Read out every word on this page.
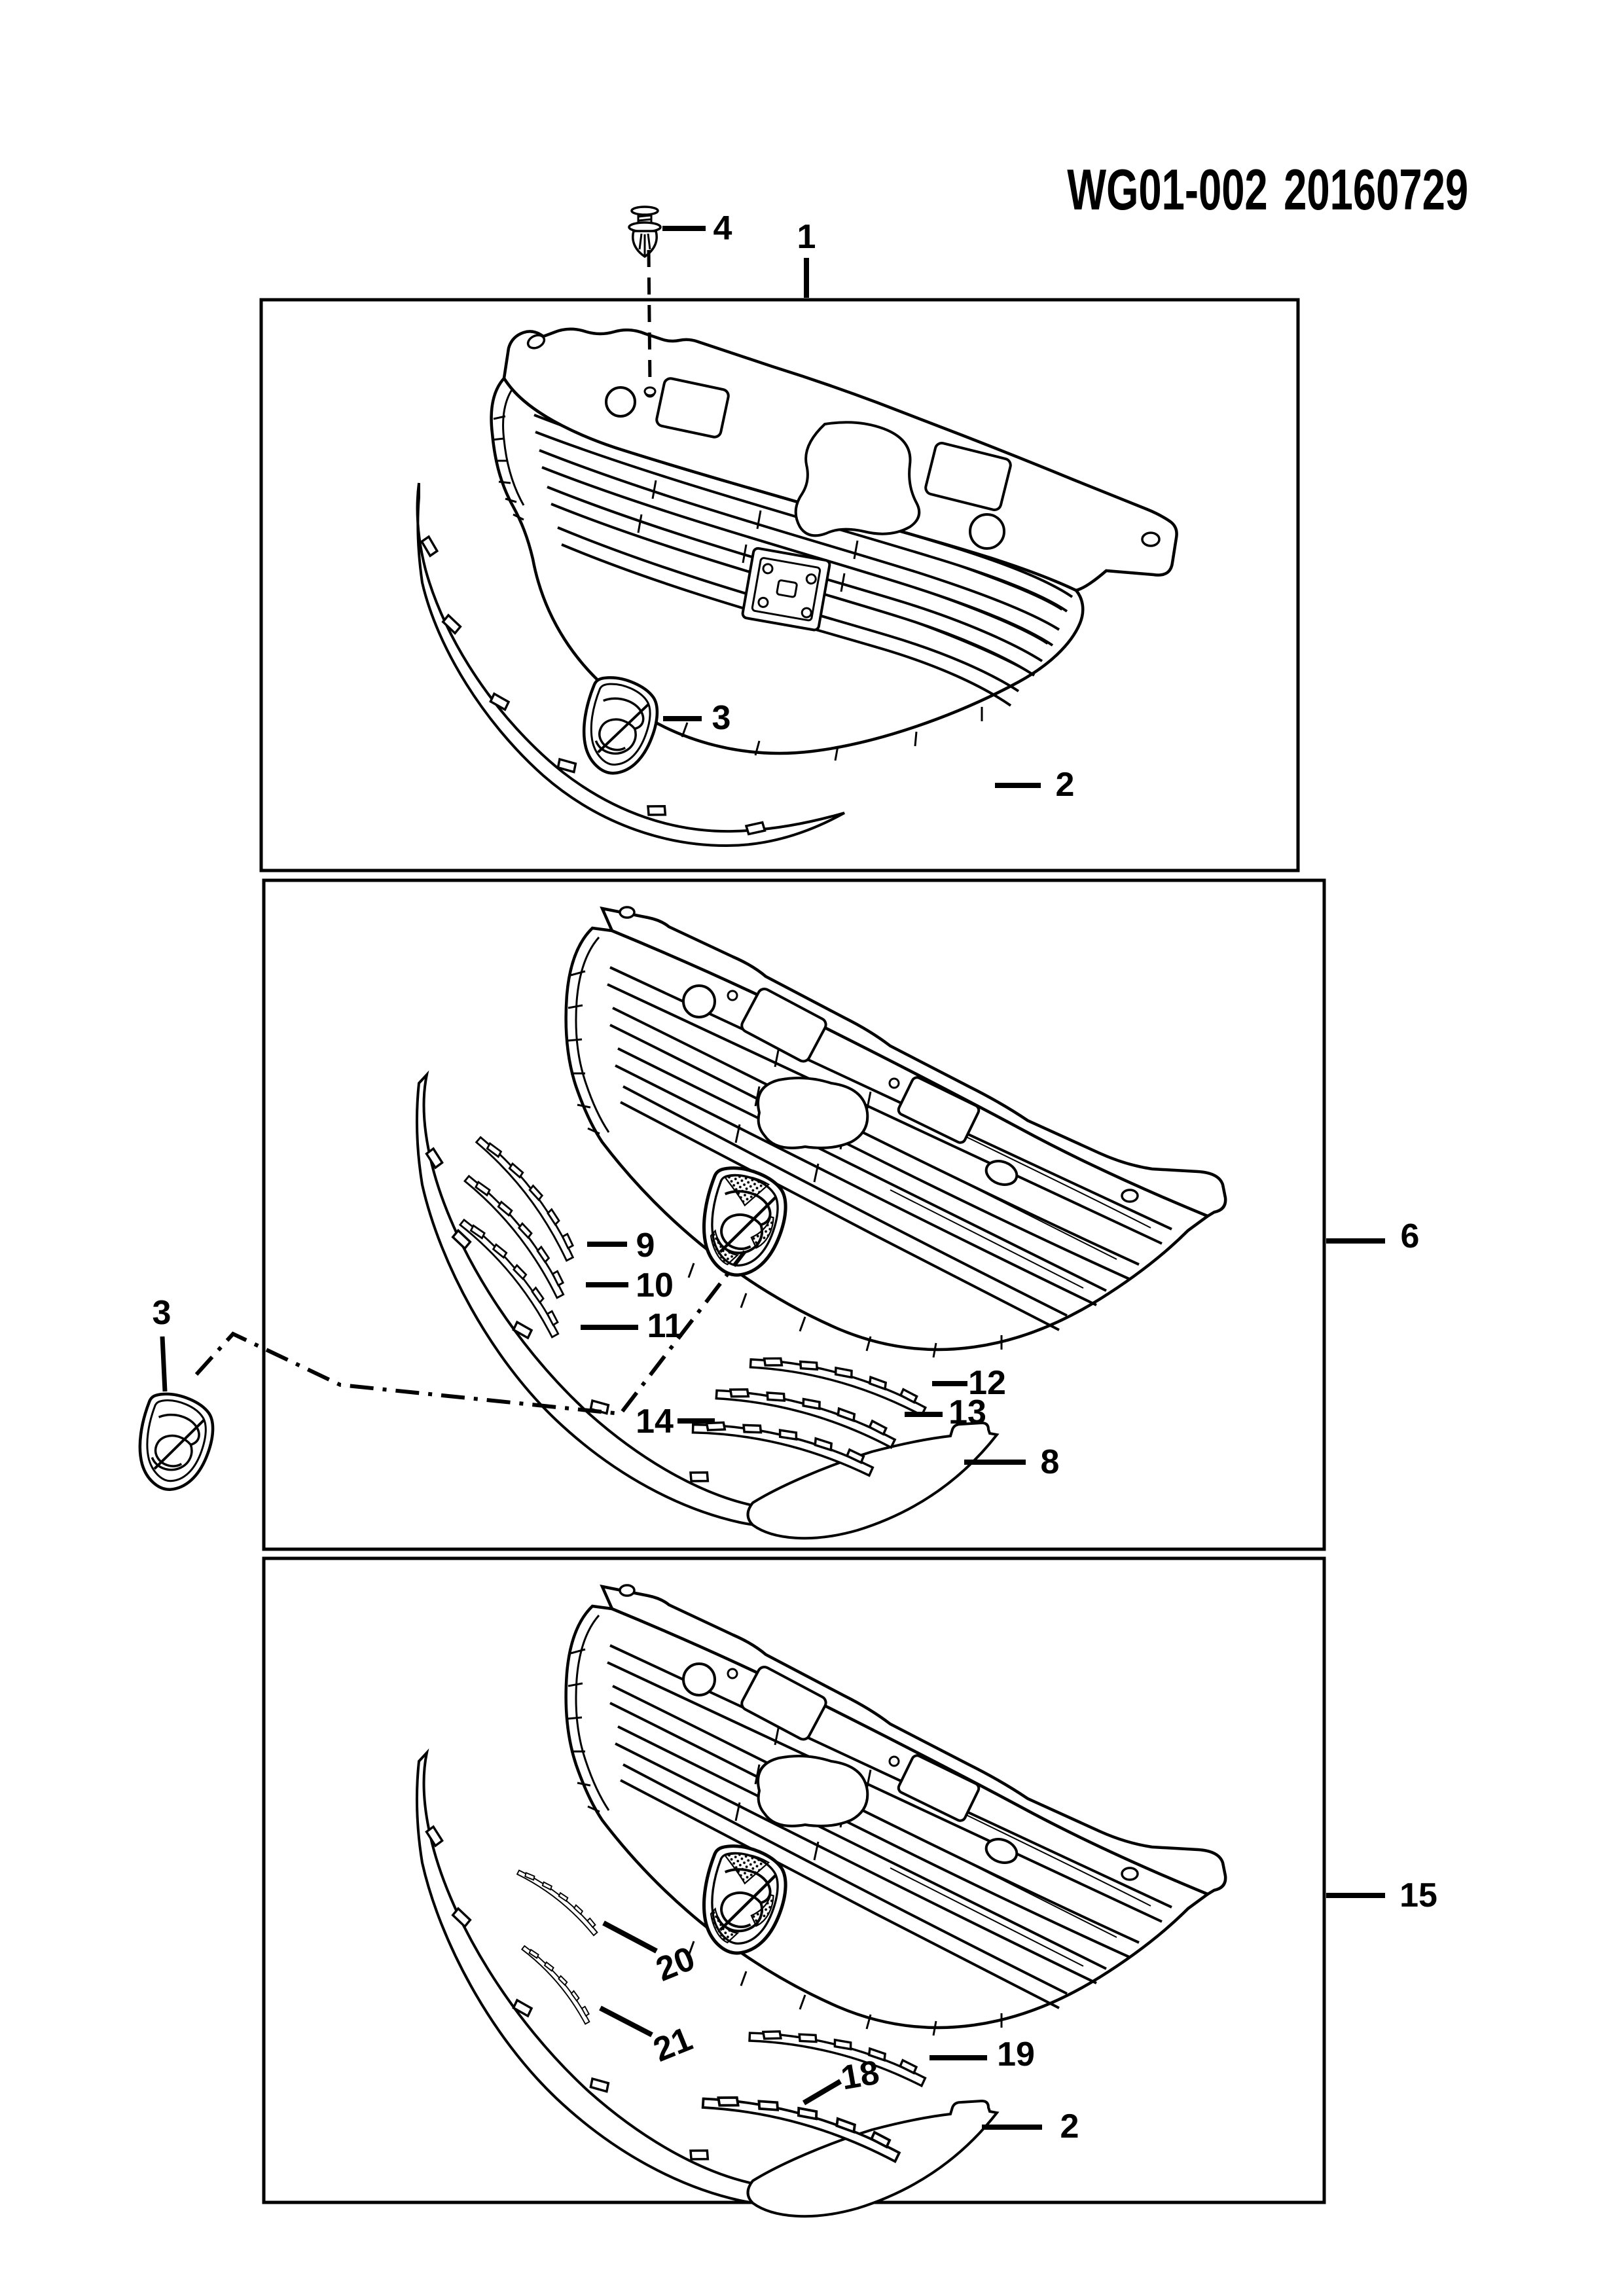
WG01-002 20160729
4 1
3
2
9
10
11
12
13
14
8
6
3
20
21
18	19
2
15
